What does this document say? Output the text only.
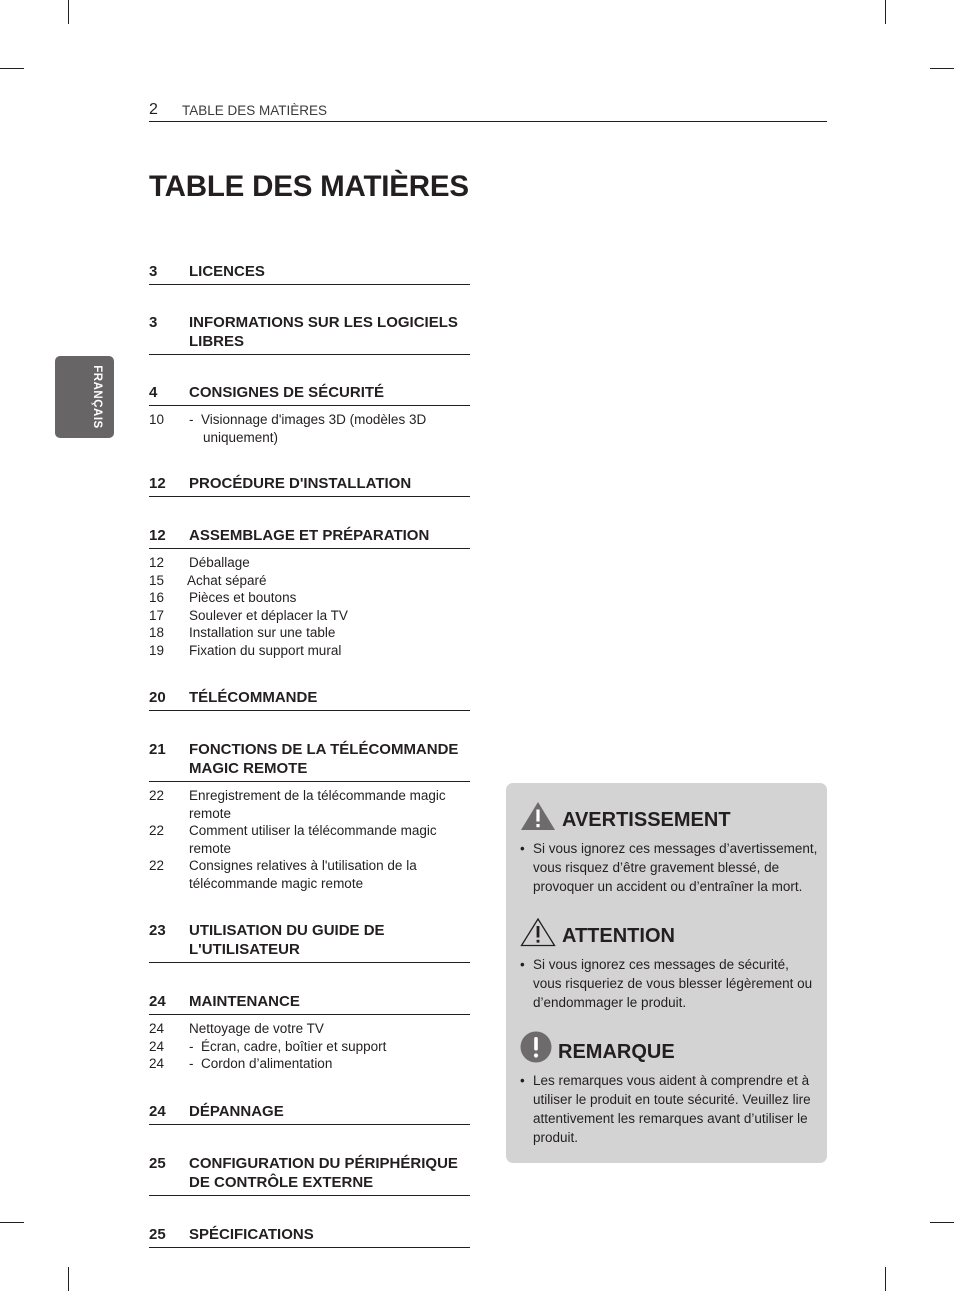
2 TABLE DES MATIÈRES
FRANÇAIS
TABLE DES MATIÈRES
3	LICENCES
3	INFORMATIONS SUR LES LOGICIELS LIBRES
4	CONSIGNES DE SÉCURITÉ
10	-  Visionnage d'images 3D (modèles 3D uniquement)
12	PROCÉDURE D'INSTALLATION
12	ASSEMBLAGE ET PRÉPARATION
12	Déballage
15	Achat séparé
16	Pièces et boutons
17	Soulever et déplacer la TV
18	Installation sur une table
19	Fixation du support mural
20	TÉLÉCOMMANDE
21	FONCTIONS DE LA TÉLÉCOMMANDE MAGIC REMOTE
22	Enregistrement de la télécommande magic remote
22	Comment utiliser la télécommande magic remote
22	Consignes relatives à l'utilisation de la télécommande magic remote
23	UTILISATION DU GUIDE DE L'UTILISATEUR
24	MAINTENANCE
24	Nettoyage de votre TV
24	-  Écran, cadre, boîtier et support
24	-  Cordon d’alimentation
24	DÉPANNAGE
25	CONFIGURATION DU PÉRIPHÉRIQUE DE CONTRÔLE EXTERNE
25	SPÉCIFICATIONS
AVERTISSEMENT
• Si vous ignorez ces messages d’avertissement, vous risquez d’être gravement blessé, de provoquer un accident ou d’entraîner la mort.
ATTENTION
• Si vous ignorez ces messages de sécurité, vous risqueriez de vous blesser légèrement ou d’endommager le produit.
REMARQUE
• Les remarques vous aident à comprendre et à utiliser le produit en toute sécurité. Veuillez lire attentivement les remarques avant d’utiliser le produit.
